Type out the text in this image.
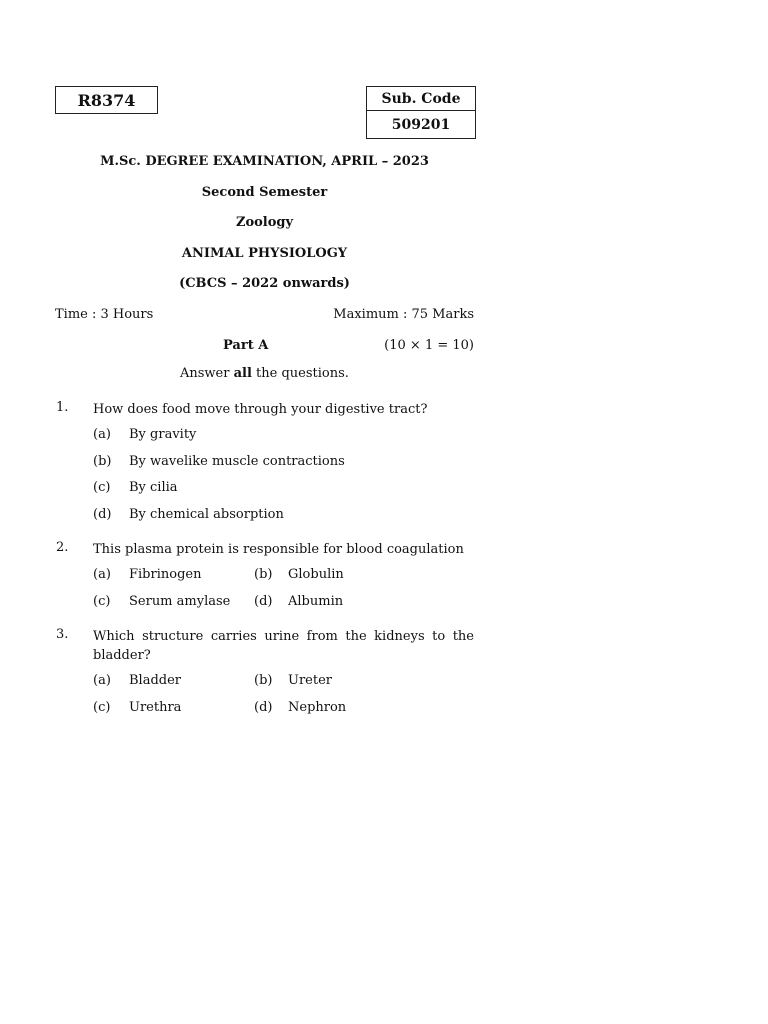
R8374	Sub. Code
509201
M.Sc. DEGREE EXAMINATION, APRIL – 2023
Second Semester
Zoology
ANIMAL PHYSIOLOGY
(CBCS – 2022 onwards)
Time : 3 Hours	Maximum : 75 Marks
Part A	(10 × 1 = 10)
Answer all the questions.
1. How does food move through your digestive tract?
(a) By gravity
(b) By wavelike muscle contractions
(c) By cilia
(d) By chemical absorption
2. This plasma protein is responsible for blood coagulation
(a) Fibrinogen	(b) Globulin
(c) Serum amylase (d) Albumin
3. Which structure carries urine from the kidneys to the bladder?
(a) Bladder	(b) Ureter
(c) Urethra	(d) Nephron
